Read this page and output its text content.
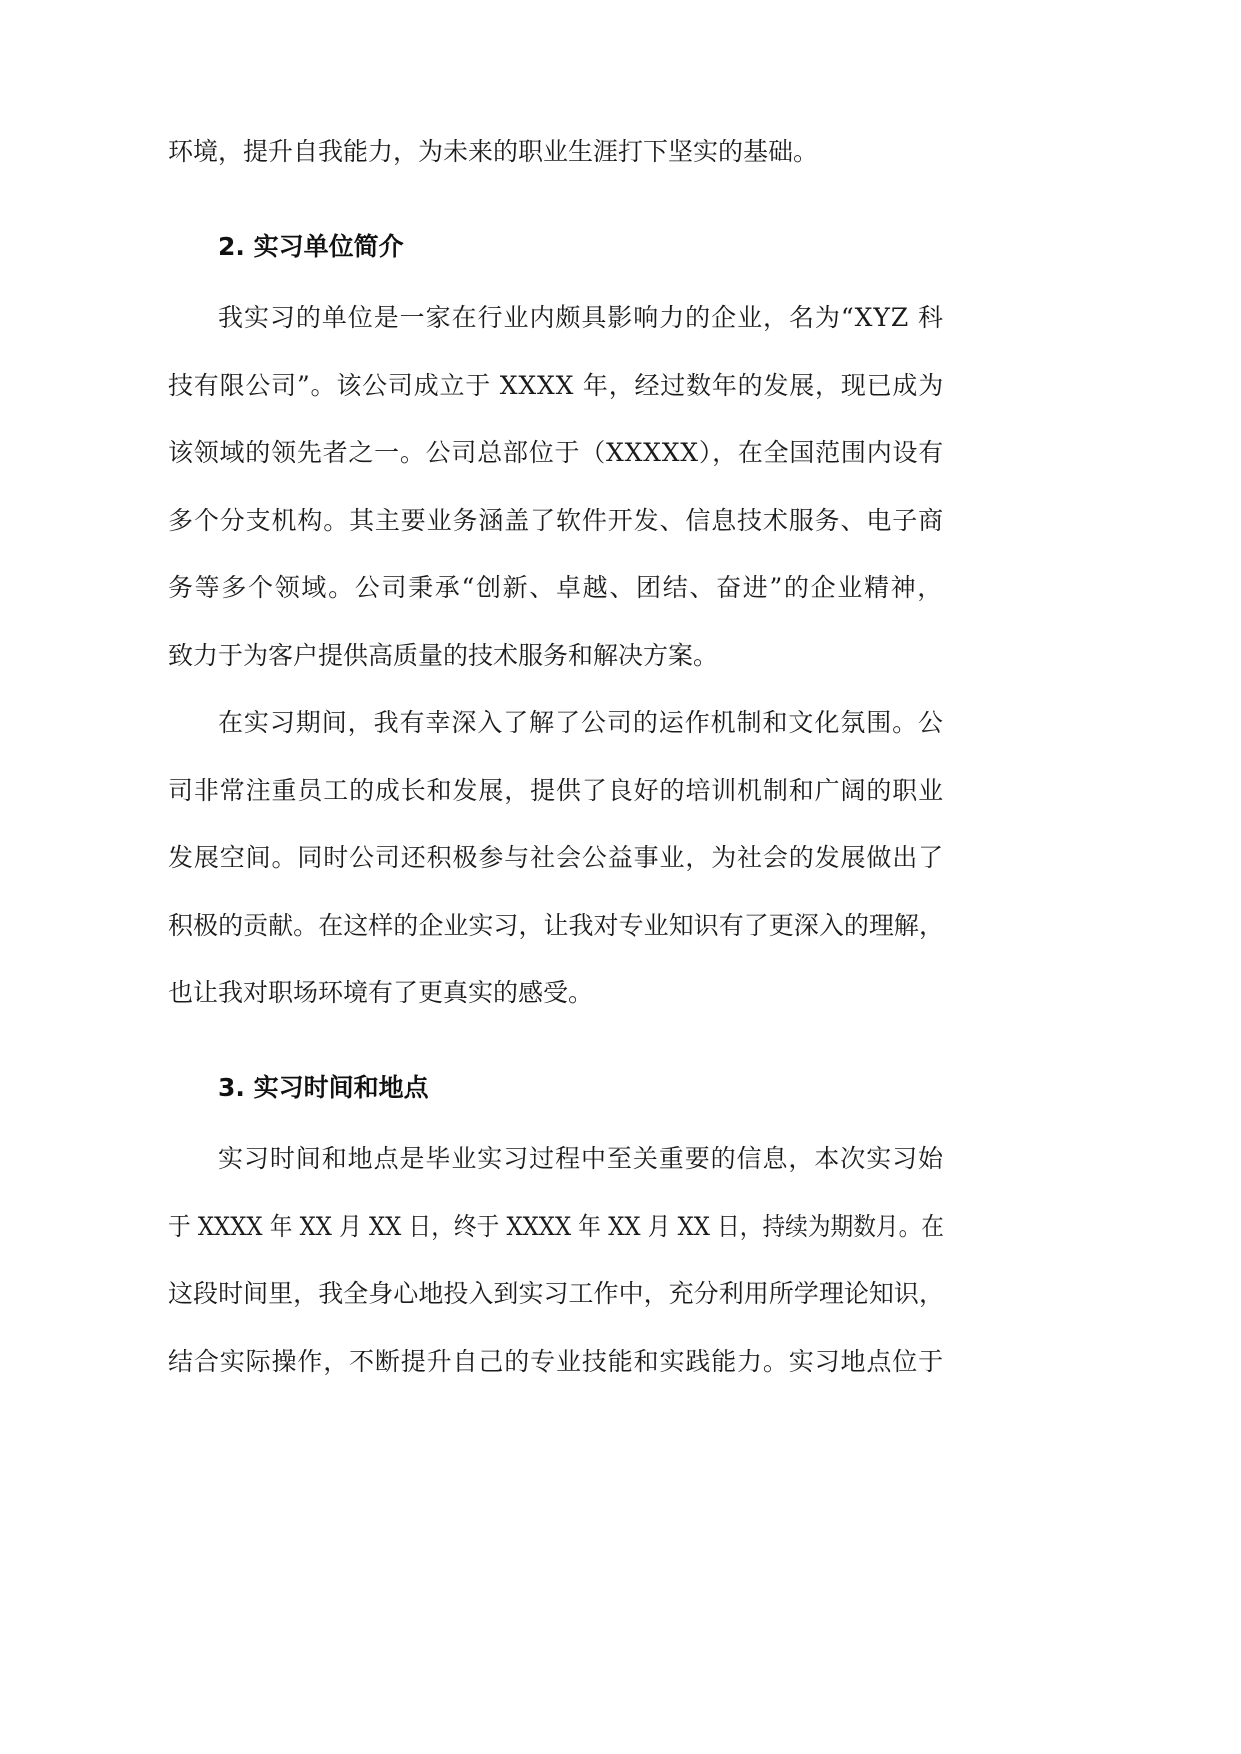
环境，提升自我能力，为未来的职业生涯打下坚实的基础。
2. 实习单位简介
我实习的单位是一家在行业内颇具影响力的企业，名为“XYZ 科
技有限公司”。该公司成立于 XXXX 年，经过数年的发展，现已成为
该领域的领先者之一。公司总部位于（XXXXX），在全国范围内设有
多个分支机构。其主要业务涵盖了软件开发、信息技术服务、电子商
务等多个领域。公司秉承“创新、卓越、团结、奋进”的企业精神，
致力于为客户提供高质量的技术服务和解决方案。
在实习期间，我有幸深入了解了公司的运作机制和文化氛围。公
司非常注重员工的成长和发展，提供了良好的培训机制和广阔的职业
发展空间。同时公司还积极参与社会公益事业，为社会的发展做出了
积极的贡献。在这样的企业实习，让我对专业知识有了更深入的理解，
也让我对职场环境有了更真实的感受。
3. 实习时间和地点
实习时间和地点是毕业实习过程中至关重要的信息，本次实习始
于 XXXX 年 XX 月 XX 日，终于 XXXX 年 XX 月 XX 日，持续为期数月。在
这段时间里，我全身心地投入到实习工作中，充分利用所学理论知识，
结合实际操作，不断提升自己的专业技能和实践能力。实习地点位于
